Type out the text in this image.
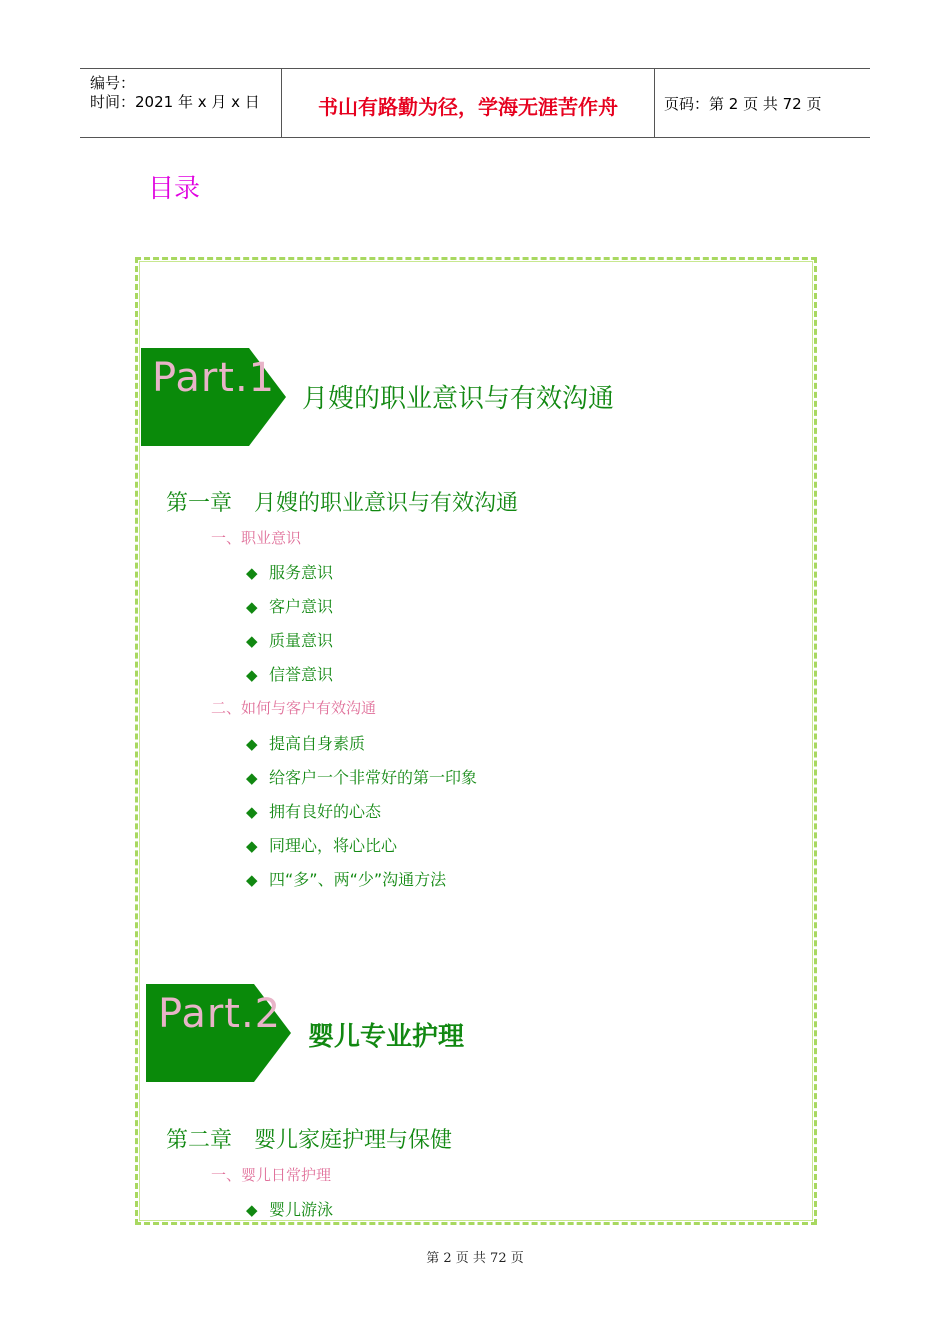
编号：
时间：2021 年 x 月 x 日	书山有路勤为径，学海无涯苦作舟	页码：第 2 页 共 72 页
目录
Part.1 月嫂的职业意识与有效沟通
第一章　月嫂的职业意识与有效沟通
一、职业意识
◆ 服务意识
◆ 客户意识
◆ 质量意识
◆ 信誉意识
二、如何与客户有效沟通
◆ 提高自身素质
◆ 给客户一个非常好的第一印象
◆ 拥有良好的心态
◆ 同理心，将心比心
◆ 四“多”、两“少”沟通方法
Part.2 婴儿专业护理
第二章　婴儿家庭护理与保健
一、婴儿日常护理
◆ 婴儿游泳
第 2 页 共 72 页
